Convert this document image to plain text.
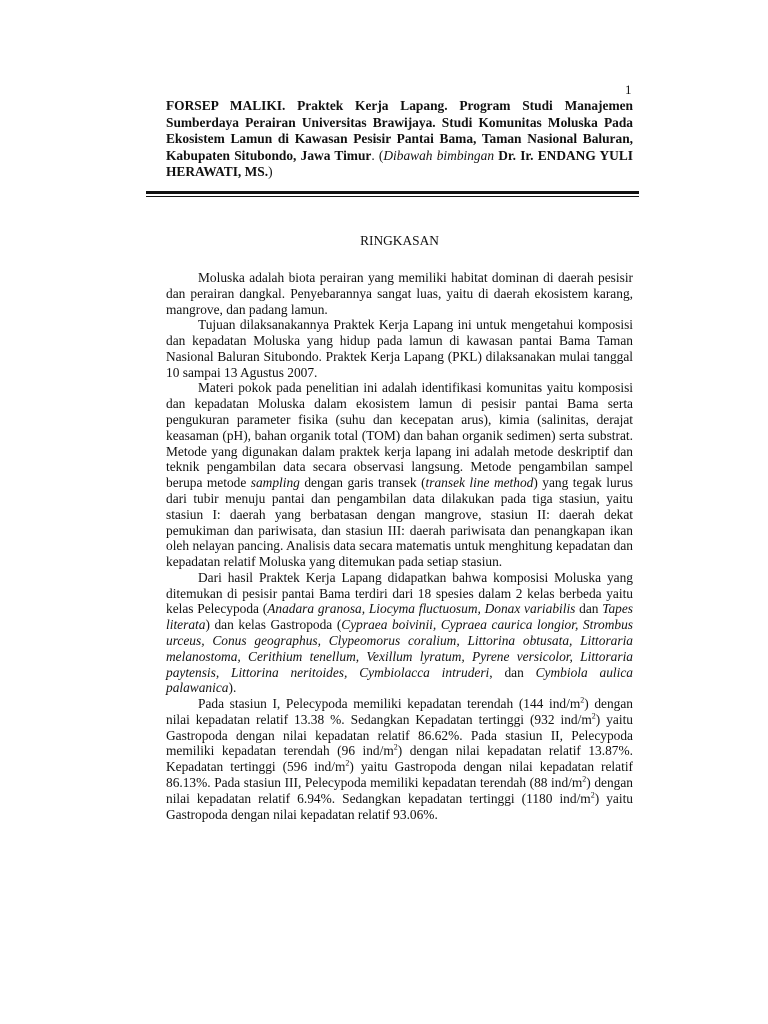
1
FORSEP MALIKI. Praktek Kerja Lapang. Program Studi Manajemen Sumberdaya Perairan Universitas Brawijaya. Studi Komunitas Moluska Pada Ekosistem Lamun di Kawasan Pesisir Pantai Bama, Taman Nasional Baluran, Kabupaten Situbondo, Jawa Timur. (Dibawah bimbingan Dr. Ir. ENDANG YULI HERAWATI, MS.)
RINGKASAN

Moluska adalah biota perairan yang memiliki habitat dominan di daerah pesisir dan perairan dangkal. Penyebarannya sangat luas, yaitu di daerah ekosistem karang, mangrove, dan padang lamun.

Tujuan dilaksanakannya Praktek Kerja Lapang ini untuk mengetahui komposisi dan kepadatan Moluska yang hidup pada lamun di kawasan pantai Bama Taman Nasional Baluran Situbondo. Praktek Kerja Lapang (PKL) dilaksanakan mulai tanggal 10 sampai 13 Agustus 2007.

Materi pokok pada penelitian ini adalah identifikasi komunitas yaitu komposisi dan kepadatan Moluska dalam ekosistem lamun di pesisir pantai Bama serta pengukuran parameter fisika (suhu dan kecepatan arus), kimia (salinitas, derajat keasaman (pH), bahan organik total (TOM) dan bahan organik sedimen) serta substrat. Metode yang digunakan dalam praktek kerja lapang ini adalah metode deskriptif dan teknik pengambilan data secara observasi langsung. Metode pengambilan sampel berupa metode sampling dengan garis transek (transek line method) yang tegak lurus dari tubir menuju pantai dan pengambilan data dilakukan pada tiga stasiun, yaitu stasiun I: daerah yang berbatasan dengan mangrove, stasiun II: daerah dekat pemukiman dan pariwisata, dan stasiun III: daerah pariwisata dan penangkapan ikan oleh nelayan pancing. Analisis data secara matematis untuk menghitung kepadatan dan kepadatan relatif Moluska yang ditemukan pada setiap stasiun.

Dari hasil Praktek Kerja Lapang didapatkan bahwa komposisi Moluska yang ditemukan di pesisir pantai Bama terdiri dari 18 spesies dalam 2 kelas berbeda yaitu kelas Pelecypoda (Anadara granosa, Liocyma fluctuosum, Donax variabilis dan Tapes literata) dan kelas Gastropoda (Cypraea boivinii, Cypraea caurica longior, Strombus urceus, Conus geographus, Clypeomorus coralium, Littorina obtusata, Littoraria melanostoma, Cerithium tenellum, Vexillum lyratum, Pyrene versicolor, Littoraria paytensis, Littorina neritoides, Cymbiolacca intruderi, dan Cymbiola aulica palawanica).

Pada stasiun I, Pelecypoda memiliki kepadatan terendah (144 ind/$m^2$) dengan nilai kepadatan relatif 13.38 %. Sedangkan Kepadatan tertinggi (932 ind/$m^2$) yaitu Gastropoda dengan nilai kepadatan relatif 86.62%. Pada stasiun II, Pelecypoda memiliki kepadatan terendah (96 ind/$m^2$) dengan nilai kepadatan relatif 13.87%. Kepadatan tertinggi (596 ind/$m^2$) yaitu Gastropoda dengan nilai kepadatan relatif 86.13%. Pada stasiun III, Pelecypoda memiliki kepadatan terendah (88 ind/$m^2$) dengan nilai kepadatan relatif 6.94%. Sedangkan kepadatan tertinggi (1180 ind/$m^2$) yaitu Gastropoda dengan nilai kepadatan relatif 93.06%.
